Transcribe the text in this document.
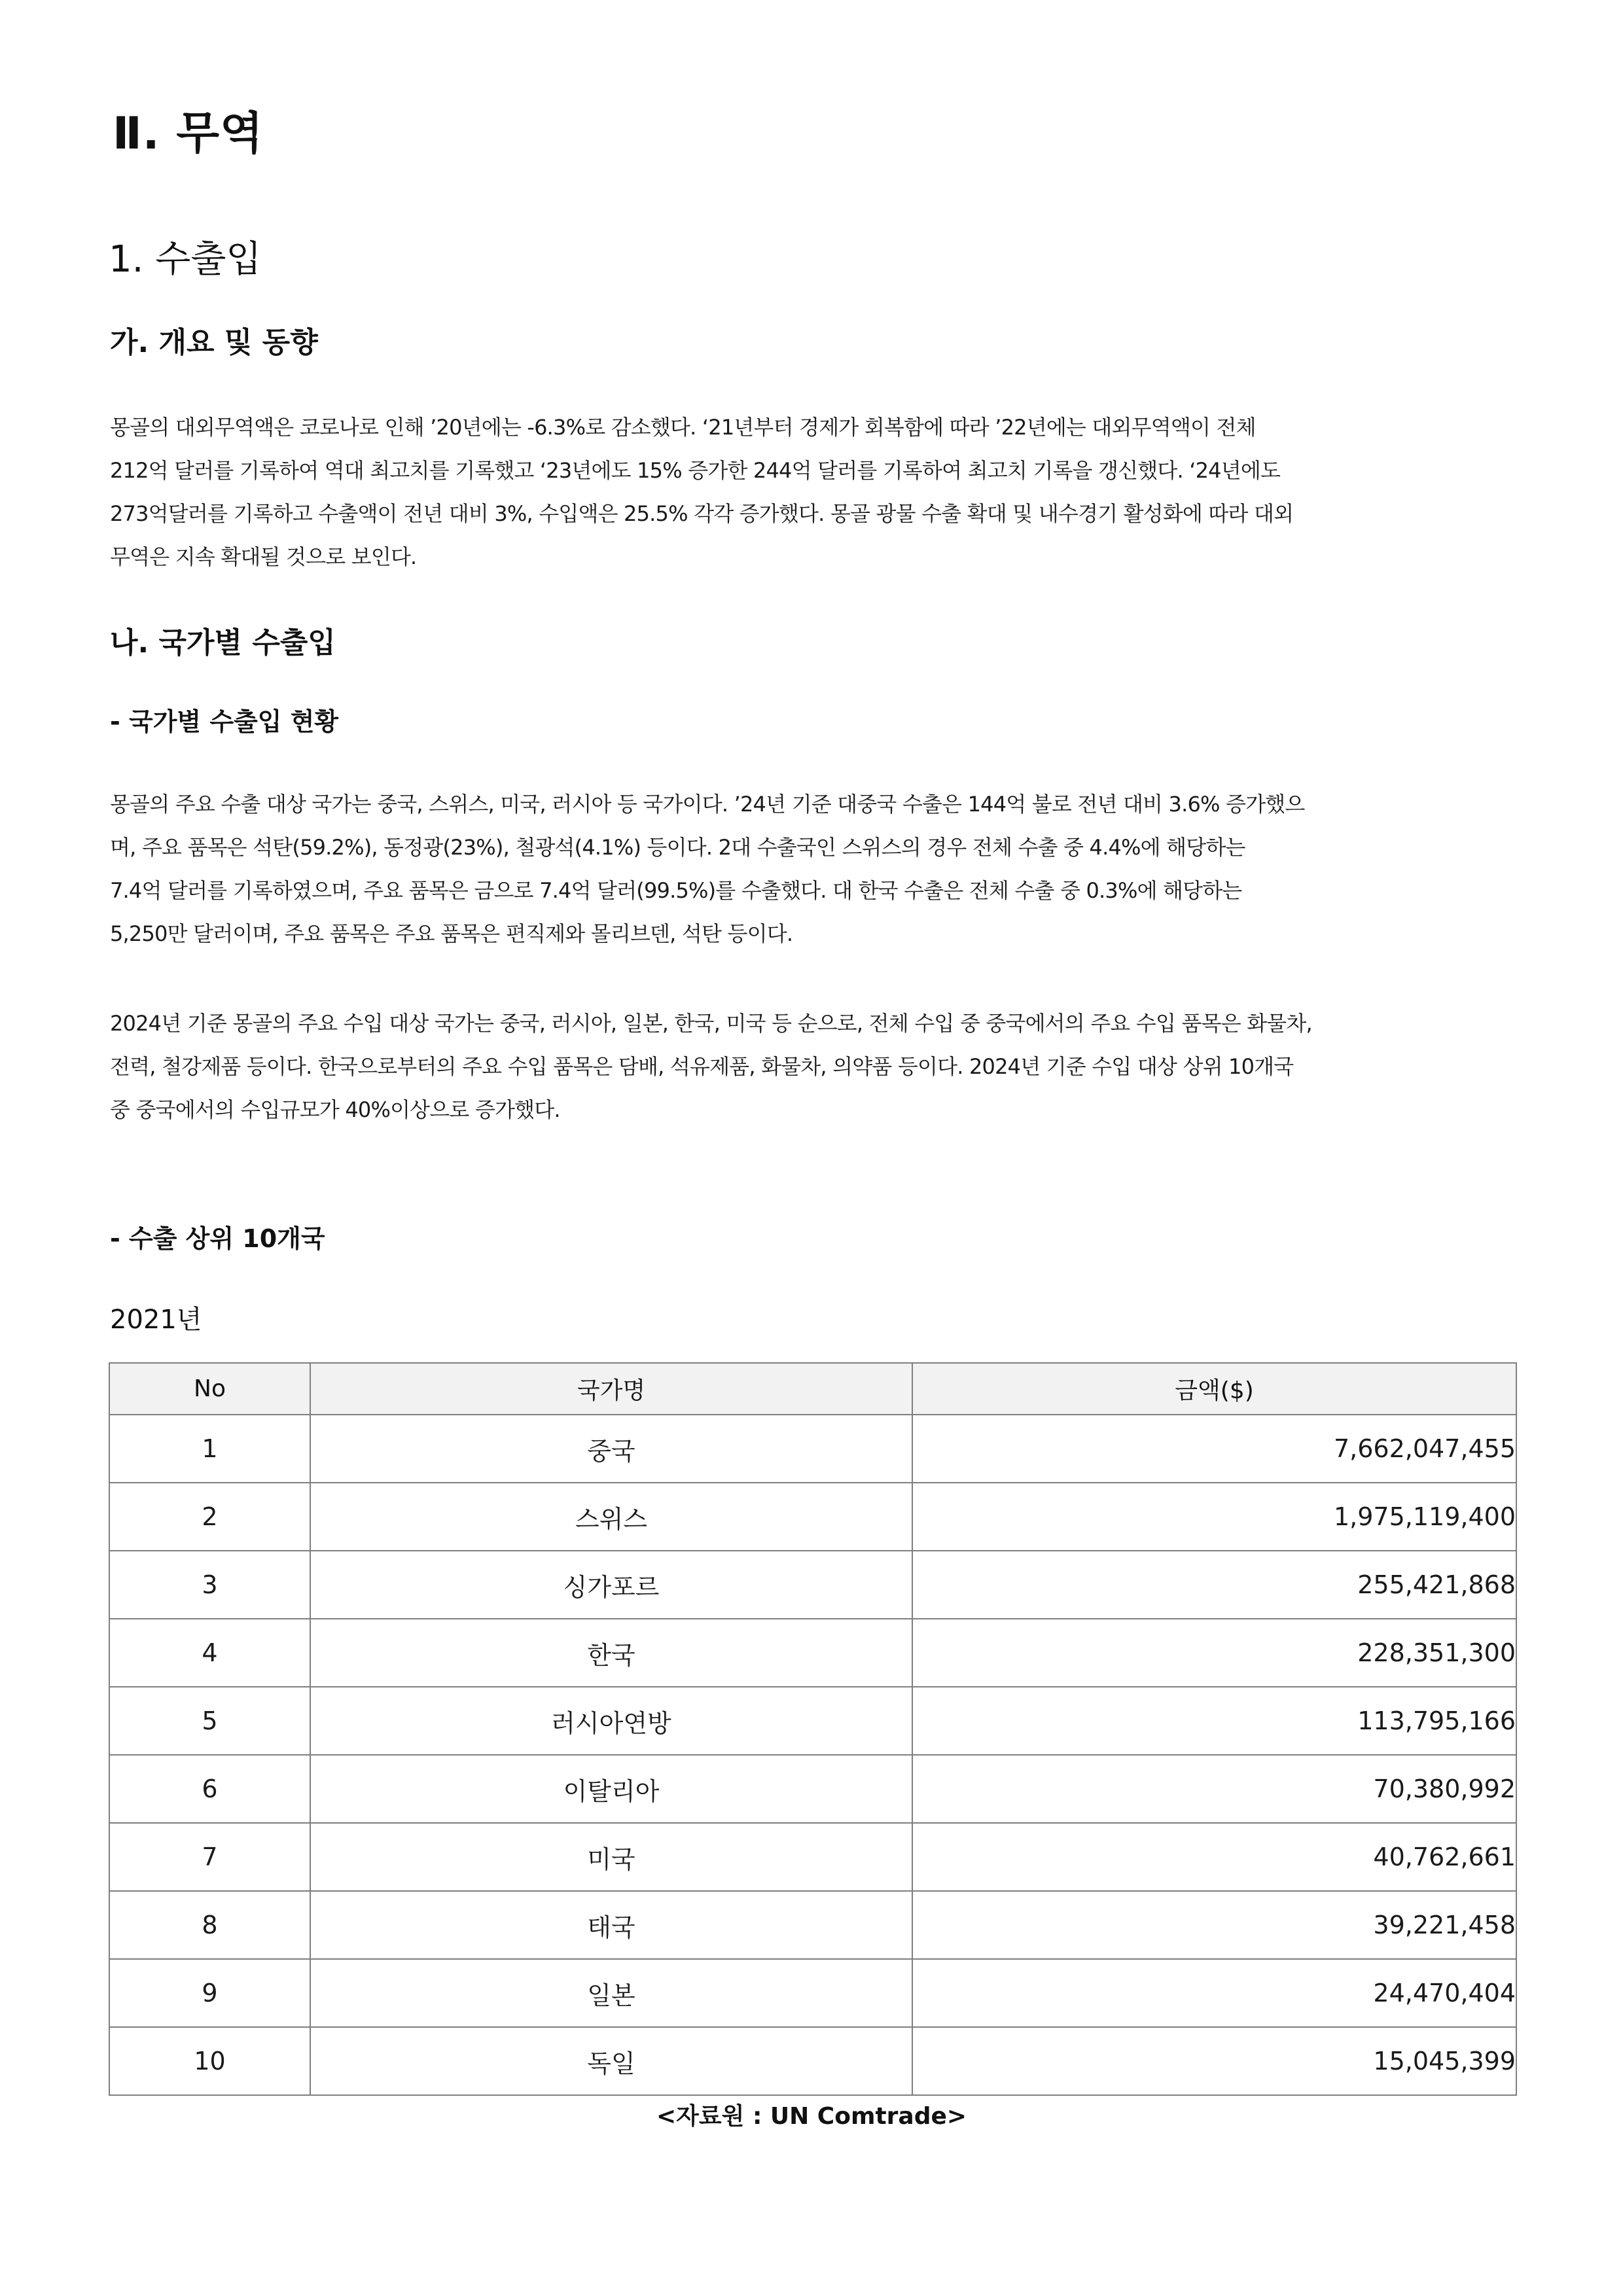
Ⅱ. 무역
1. 수출입
가. 개요 및 동향

몽골의 대외무역액은 코로나로 인해 ’20년에는 -6.3%로 감소했다. ‘21년부터 경제가 회복함에 따라 ’22년에는 대외무역액이 전체
212억 달러를 기록하여 역대 최고치를 기록했고 ‘23년에도 15% 증가한 244억 달러를 기록하여 최고치 기록을 갱신했다. ‘24년에도
273억달러를 기록하고 수출액이 전년 대비 3%, 수입액은 25.5% 각각 증가했다. 몽골 광물 수출 확대 및 내수경기 활성화에 따라 대외
무역은 지속 확대될 것으로 보인다.

나. 국가별 수출입
- 국가별 수출입 현황

몽골의 주요 수출 대상 국가는 중국, 스위스, 미국, 러시아 등 국가이다. ’24년 기준 대중국 수출은 144억 불로 전년 대비 3.6% 증가했으
며, 주요 품목은 석탄(59.2%), 동정광(23%), 철광석(4.1%) 등이다. 2대 수출국인 스위스의 경우 전체 수출 중 4.4%에 해당하는
7.4억 달러를 기록하였으며, 주요 품목은 금으로 7.4억 달러(99.5%)를 수출했다. 대 한국 수출은 전체 수출 중 0.3%에 해당하는
5,250만 달러이며, 주요 품목은 주요 품목은 편직제와 몰리브덴, 석탄 등이다.

2024년 기준 몽골의 주요 수입 대상 국가는 중국, 러시아, 일본, 한국, 미국 등 순으로, 전체 수입 중 중국에서의 주요 수입 품목은 화물차,
전력, 철강제품 등이다. 한국으로부터의 주요 수입 품목은 담배, 석유제품, 화물차, 의약품 등이다. 2024년 기준 수입 대상 상위 10개국
중 중국에서의 수입규모가 40%이상으로 증가했다.

- 수출 상위 10개국
2021년
No	국가명	금액($)
1	중국	7,662,047,455
2	스위스	1,975,119,400
3	싱가포르	255,421,868
4	한국	228,351,300
5	러시아연방	113,795,166
6	이탈리아	70,380,992
7	미국	40,762,661
8	태국	39,221,458
9	일본	24,470,404
10	독일	15,045,399
<자료원 : UN Comtrade>
